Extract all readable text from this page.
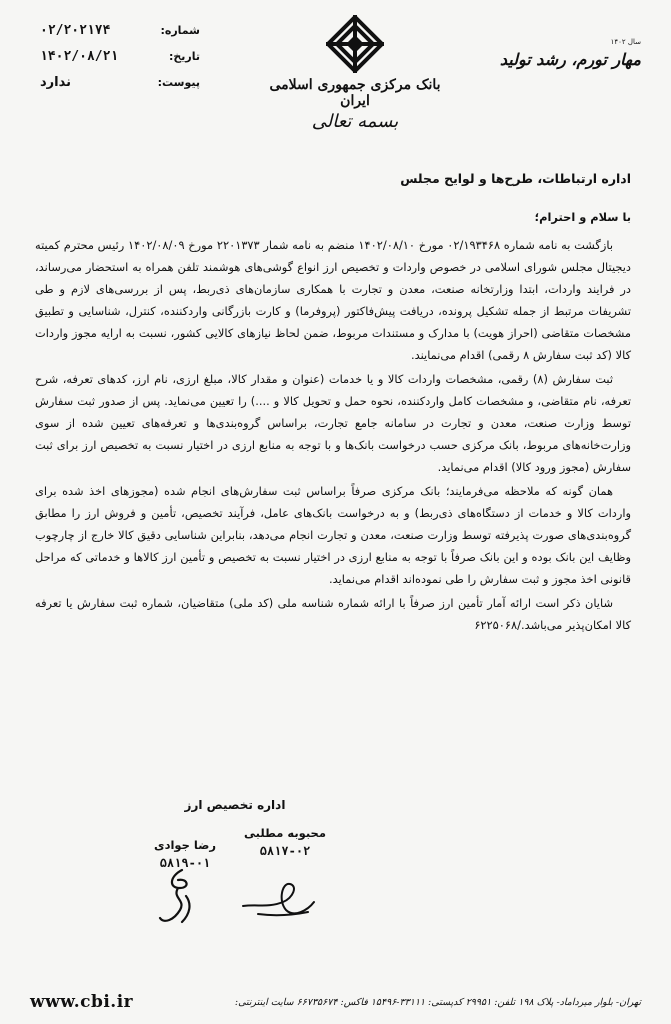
شماره:
۰۲/۲۰۲۱۷۴
تاریخ:
۱۴۰۲/۰۸/۲۱
پیوست:
ندارد	بانک مرکزی جمهوری اسلامی ایران
بسمه تعالی
سال ۱۴۰۲
مهار تورم، رشد تولید
اداره ارتباطات، طرح‌ها و لوایح مجلس
با سلام و احترام؛

بازگشت به نامه شماره ۰۲/۱۹۳۴۶۸ مورخ ۱۴۰۲/۰۸/۱۰ منضم به نامه شمار ۲۲۰۱۳۷۳ مورخ ۱۴۰۲/۰۸/۰۹ رئیس محترم کمیته دیجیتال مجلس شورای اسلامی در خصوص واردات و تخصیص ارز انواع گوشی‌های هوشمند تلفن همراه به استحضار می‌رساند، در فرایند واردات، ابتدا وزارتخانه صنعت، معدن و تجارت با همکاری سازمان‌های ذی‌ربط، پس از بررسی‌های لازم و طی تشریفات مرتبط از جمله تشکیل پرونده، دریافت پیش‌فاکتور (پروفرما) و کارت بازرگانی واردکننده، کنترل، شناسایی و تطبیق مشخصات متقاضی (احراز هویت) با مدارک و مستندات مربوط، ضمن لحاظ نیازهای کالایی کشور، نسبت به ارایه مجوز واردات کالا (کد ثبت سفارش ۸ رقمی) اقدام می‌نمایند.

ثبت سفارش (۸) رقمی، مشخصات واردات کالا و یا خدمات (عنوان و مقدار کالا، مبلغ ارزی، نام ارز، کدهای تعرفه، شرح تعرفه، نام متقاضی، و مشخصات کامل واردکننده، نحوه حمل و تحویل کالا و ....) را تعیین می‌نماید. پس از صدور ثبت سفارش توسط وزارت صنعت، معدن و تجارت در سامانه جامع تجارت، براساس گروه‌بندی‌ها و تعرفه‌های تعیین شده از سوی وزارت‌خانه‌های مربوط، بانک مرکزی حسب درخواست بانک‌ها و با توجه به منابع ارزی در اختیار نسبت به تخصیص ارز برای ثبت سفارش (مجوز ورود کالا) اقدام می‌نماید.

همان گونه که ملاحظه می‌فرمایند؛ بانک مرکزی صرفاً براساس ثبت سفارش‌های انجام شده (مجوزهای اخذ شده برای واردات کالا و خدمات از دستگاه‌های ذی‌ربط) و به درخواست بانک‌های عامل، فرآیند تخصیص، تأمین و فروش ارز را مطابق گروه‌بندی‌های صورت پذیرفته توسط وزارت صنعت، معدن و تجارت انجام می‌دهد، بنابراین شناسایی دقیق کالا خارج از چارچوب وظایف این بانک بوده و این بانک صرفاً با توجه به منابع ارزی در اختیار نسبت به تخصیص و تأمین ارز کالاها و خدماتی که مراحل قانونی اخذ مجوز و ثبت سفارش را طی نموده‌اند اقدام می‌نماید.

شایان ذکر است ارائه آمار تأمین ارز صرفاً با ارائه شماره شناسه ملی (کد ملی) متقاضیان، شماره ثبت سفارش یا تعرفه کالا امکان‌پذیر می‌باشد./۶۲۲۵۰۶۸

اداره تخصیص ارز
محبوبه مطلبی
۵۸۱۷-۰۲
رضا جوادی
۵۸۱۹-۰۱
www.cbi.ir	تهران- بلوار میرداماد- پلاک ۱۹۸ تلفن: ۲۹۹۵۱ کدپستی: ۳۳۱۱۱-۱۵۴۹۶ فاکس: ۶۶۷۳۵۶۷۴ سایت اینترنتی:
